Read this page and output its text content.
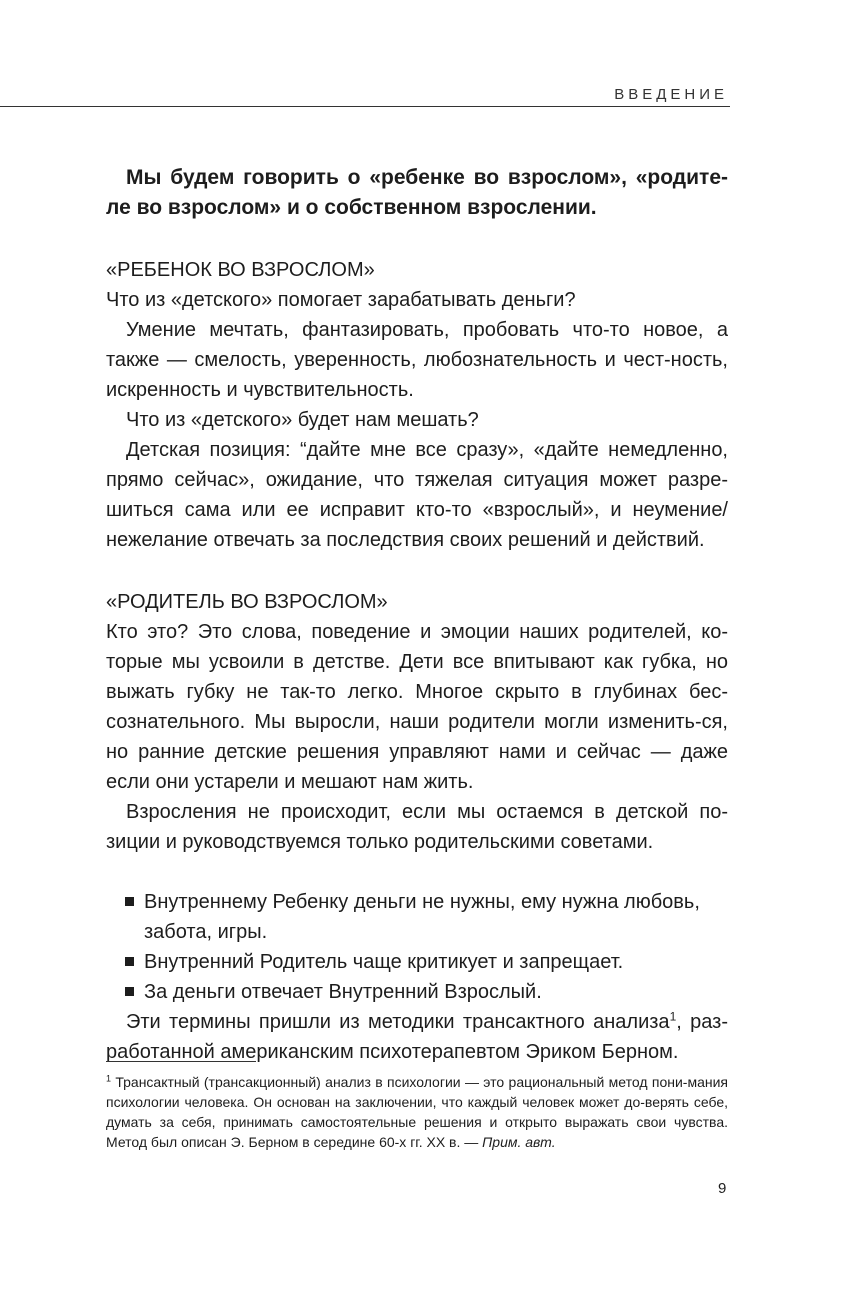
ВВЕДЕНИЕ

Мы будем говорить о «ребенке во взрослом», «родите-ле во взрослом» и о собственном взрослении.

«РЕБЕНОК ВО ВЗРОСЛОМ»

Что из «детского» помогает зарабатывать деньги?

Умение мечтать, фантазировать, пробовать что-то новое, а также — смелость, уверенность, любознательность и чест-ность, искренность и чувствительность.

Что из «детского» будет нам мешать?

Детская позиция: “дайте мне все сразу», «дайте немедленно, прямо сейчас», ожидание, что тяжелая ситуация может разре-шиться сама или ее исправит кто-то «взрослый», и неумение/ нежелание отвечать за последствия своих решений и действий.

«РОДИТЕЛЬ ВО ВЗРОСЛОМ»

Кто это? Это слова, поведение и эмоции наших родителей, ко-торые мы усвоили в детстве. Дети все впитывают как губка, но выжать губку не так-то легко. Многое скрыто в глубинах бес-сознательного. Мы выросли, наши родители могли изменить-ся, но ранние детские решения управляют нами и сейчас — даже если они устарели и мешают нам жить.

Взросления не происходит, если мы остаемся в детской по-зиции и руководствуемся только родительскими советами.

Внутреннему Ребенку деньги не нужны, ему нужна любовь, забота, игры.
Внутренний Родитель чаще критикует и запрещает.
За деньги отвечает Внутренний Взрослый.

Эти термины пришли из методики трансактного анализа$^1$, раз-работанной американским психотерапевтом Эриком Берном.

$^1$ Трансактный (трансакционный) анализ в психологии — это рациональный метод пони-мания психологии человека. Он основан на заключении, что каждый человек может до-верять себе, думать за себя, принимать самостоятельные решения и открыто выражать свои чувства. Метод был описан Э. Берном в середине 60-х гг. XX в. — Прим. авт.

9
